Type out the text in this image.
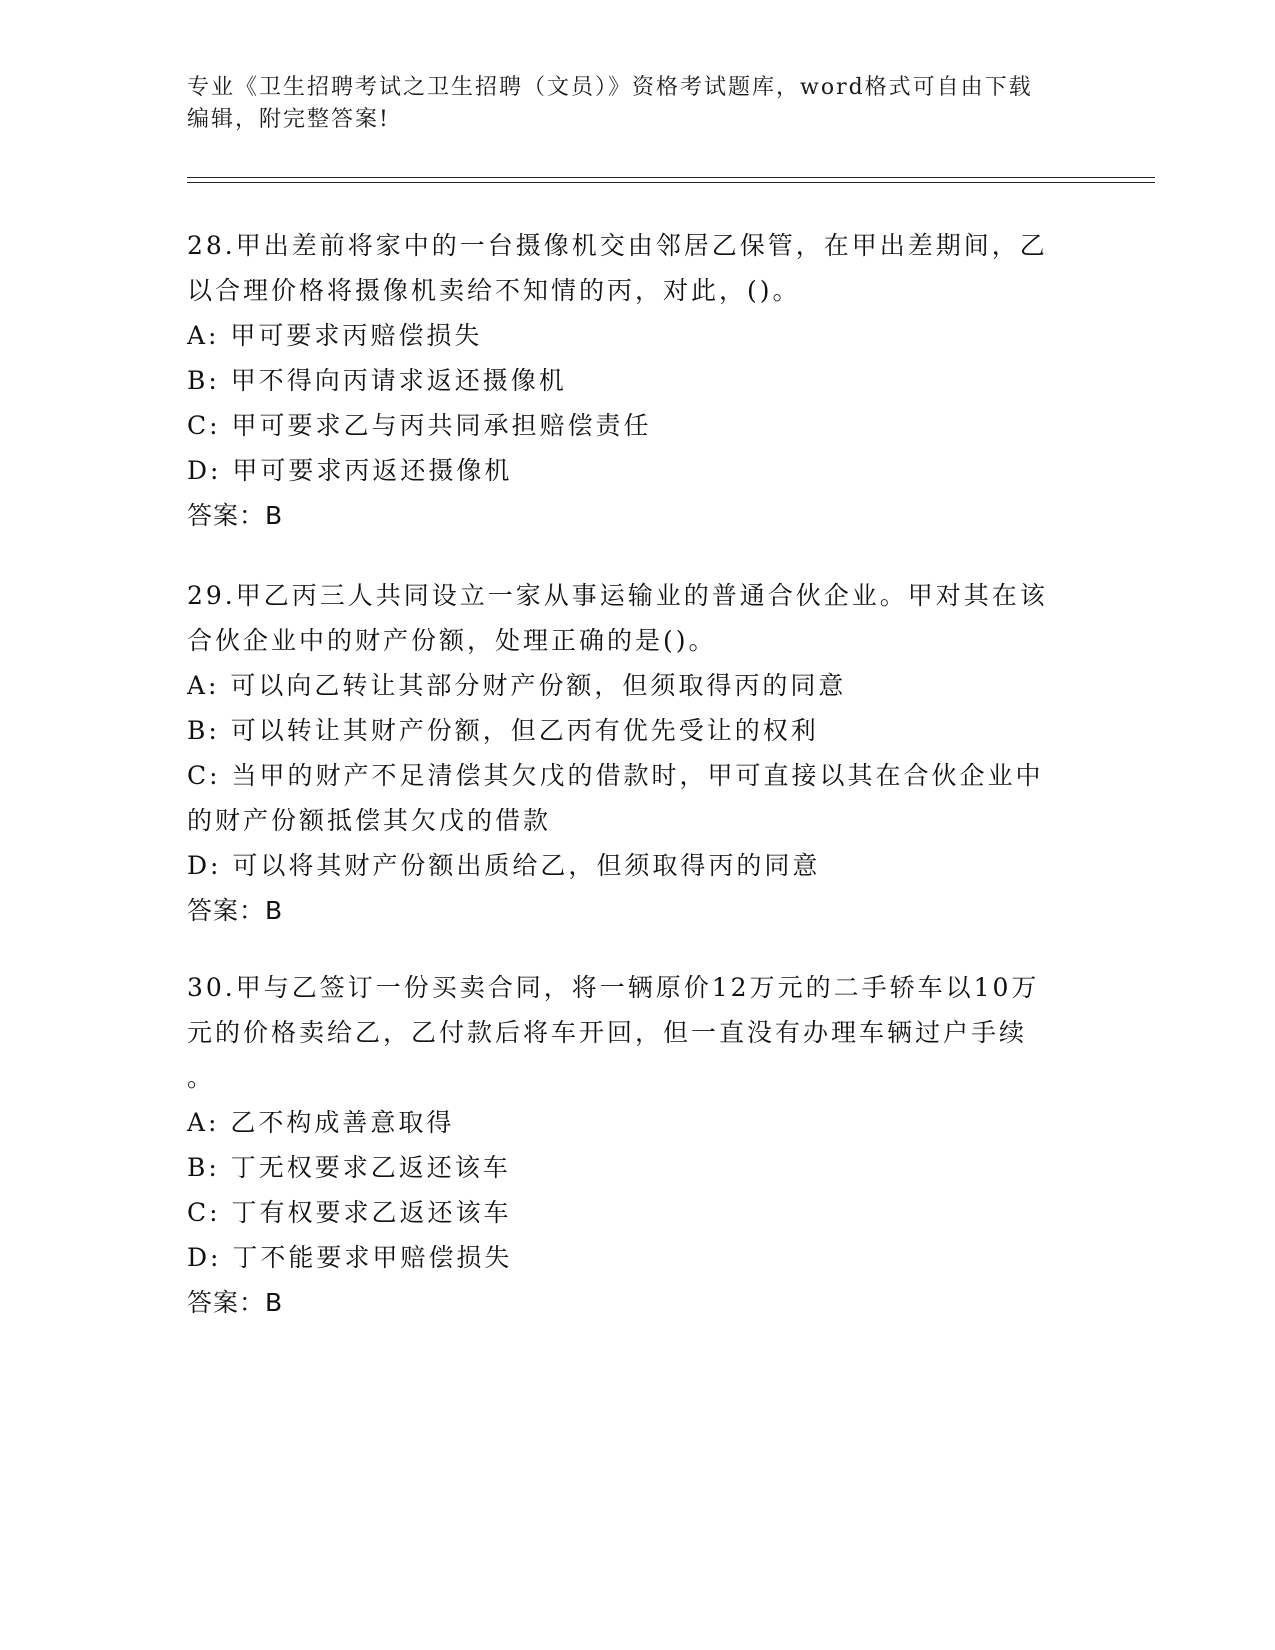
专业《卫生招聘考试之卫生招聘（文员）》资格考试题库，word格式可自由下载
编辑，附完整答案!

28.甲出差前将家中的一台摄像机交由邻居乙保管，在甲出差期间，乙

以合理价格将摄像机卖给不知情的丙，对此，()。

A: 甲可要求丙赔偿损失

B: 甲不得向丙请求返还摄像机

C: 甲可要求乙与丙共同承担赔偿责任

D: 甲可要求丙返还摄像机

答案：B

29.甲乙丙三人共同设立一家从事运输业的普通合伙企业。甲对其在该

合伙企业中的财产份额，处理正确的是()。

A: 可以向乙转让其部分财产份额，但须取得丙的同意

B: 可以转让其财产份额，但乙丙有优先受让的权利

C: 当甲的财产不足清偿其欠戊的借款时，甲可直接以其在合伙企业中

的财产份额抵偿其欠戊的借款

D: 可以将其财产份额出质给乙，但须取得丙的同意

答案：B

30.甲与乙签订一份买卖合同，将一辆原价12万元的二手轿车以10万

元的价格卖给乙，乙付款后将车开回，但一直没有办理车辆过户手续

。

A: 乙不构成善意取得

B: 丁无权要求乙返还该车

C: 丁有权要求乙返还该车

D: 丁不能要求甲赔偿损失

答案：B
